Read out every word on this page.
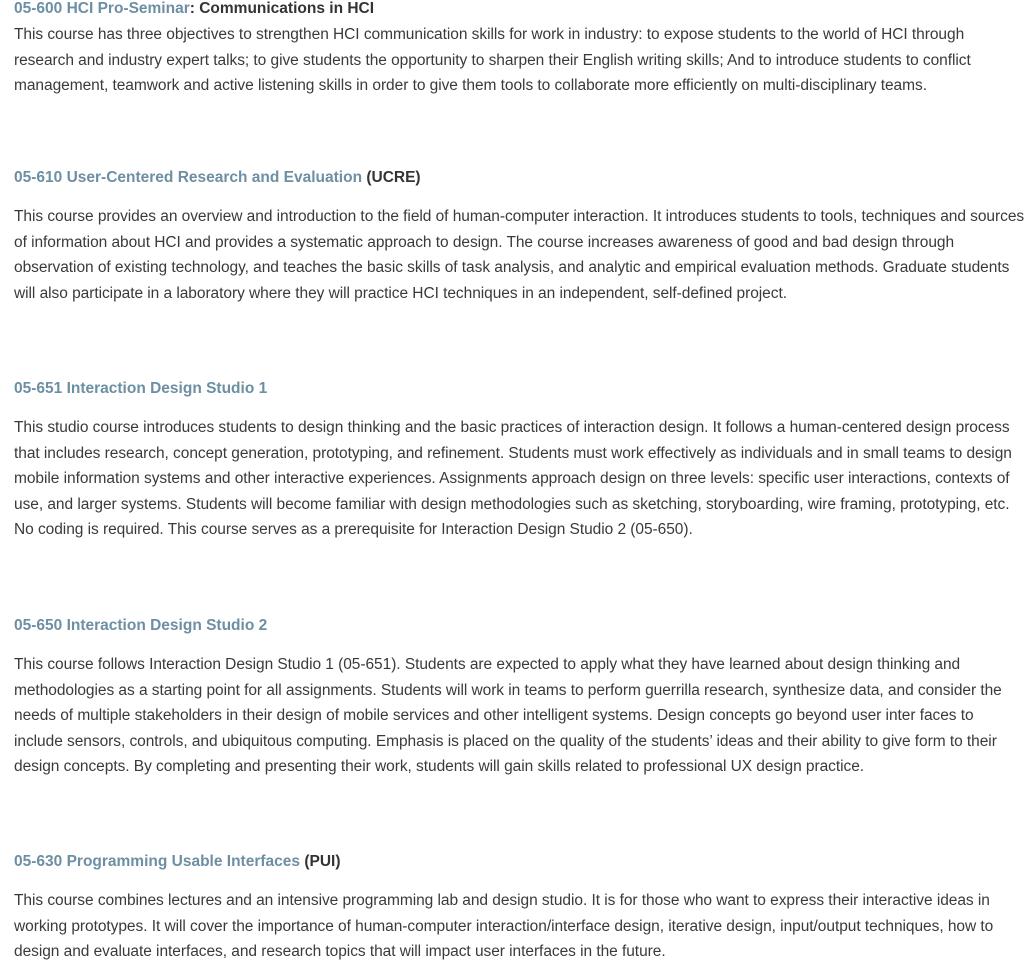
05-600 HCI Pro-Seminar: Communications in HCI

This course has three objectives to strengthen HCI communication skills for work in industry: to expose students to the world of HCI through research and industry expert talks; to give students the opportunity to sharpen their English writing skills; And to introduce students to conflict management, teamwork and active listening skills in order to give them tools to collaborate more efficiently on multi-disciplinary teams.

05-610 User-Centered Research and Evaluation (UCRE)

This course provides an overview and introduction to the field of human-computer interaction. It introduces students to tools, techniques and sources of information about HCI and provides a systematic approach to design. The course increases awareness of good and bad design through observation of existing technology, and teaches the basic skills of task analysis, and analytic and empirical evaluation methods. Graduate students will also participate in a laboratory where they will practice HCI techniques in an independent, self-defined project.

05-651 Interaction Design Studio 1

This studio course introduces students to design thinking and the basic practices of interaction design. It follows a human-centered design process that includes research, concept generation, prototyping, and refinement. Students must work effectively as individuals and in small teams to design mobile information systems and other interactive experiences. Assignments approach design on three levels: specific user interactions, contexts of use, and larger systems. Students will become familiar with design methodologies such as sketching, storyboarding, wire framing, prototyping, etc. No coding is required. This course serves as a prerequisite for Interaction Design Studio 2 (05-650).

05-650 Interaction Design Studio 2

This course follows Interaction Design Studio 1 (05-651). Students are expected to apply what they have learned about design thinking and methodologies as a starting point for all assignments. Students will work in teams to perform guerrilla research, synthesize data, and consider the needs of multiple stakeholders in their design of mobile services and other intelligent systems. Design concepts go beyond user inter faces to include sensors, controls, and ubiquitous computing. Emphasis is placed on the quality of the students’ ideas and their ability to give form to their design concepts. By completing and presenting their work, students will gain skills related to professional UX design practice.

05-630 Programming Usable Interfaces (PUI)

This course combines lectures and an intensive programming lab and design studio. It is for those who want to express their interactive ideas in working prototypes. It will cover the importance of human-computer interaction/interface design, iterative design, input/output techniques, how to design and evaluate interfaces, and research topics that will impact user interfaces in the future.
